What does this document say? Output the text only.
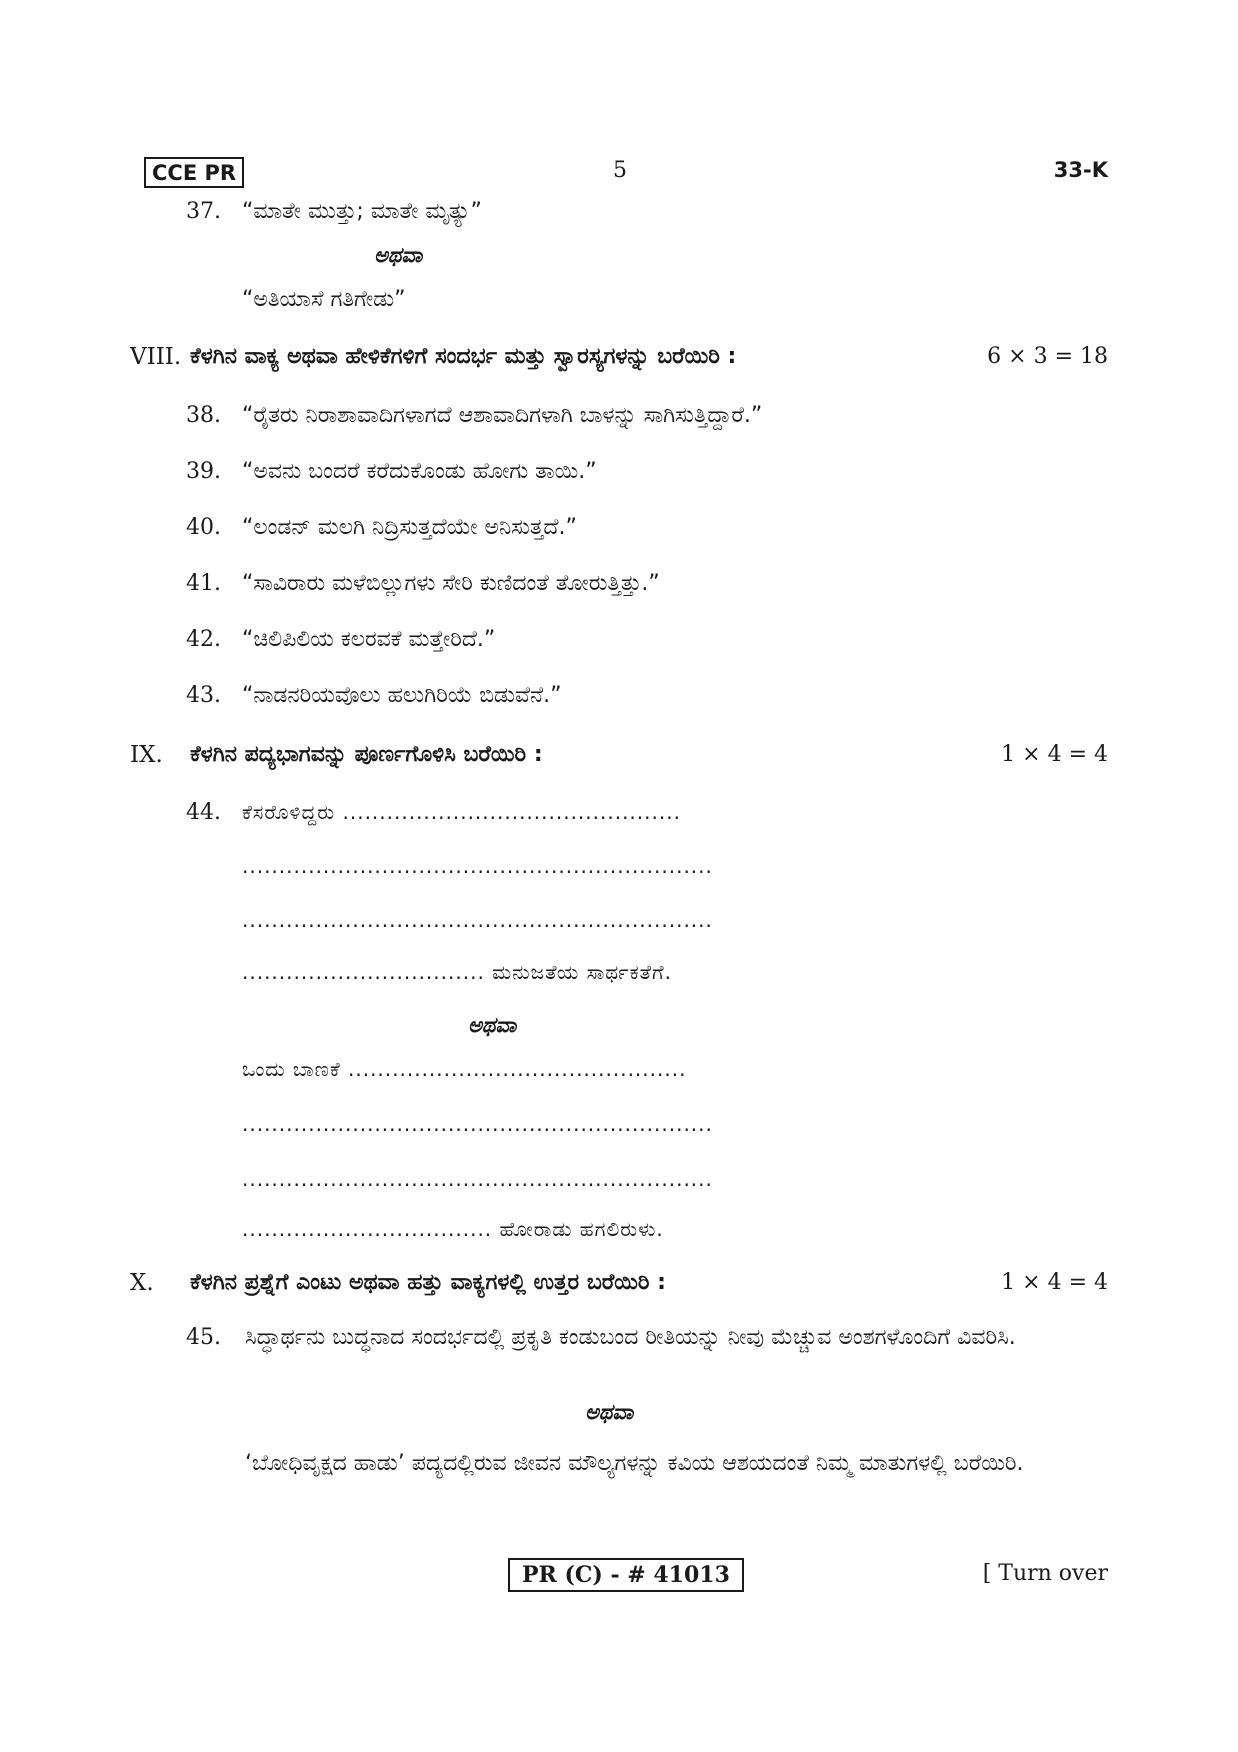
CCE PR	5	33-K
37. “ಮಾತೇ ಮುತ್ತು; ಮಾತೇ ಮೃತ್ಯು”
ಅಥವಾ
“ಅತಿಯಾಸೆ ಗತಿಗೇಡು”
VIII. ಕೆಳಗಿನ ವಾಕ್ಯ ಅಥವಾ ಹೇಳಿಕೆಗಳಿಗೆ ಸಂದರ್ಭ ಮತ್ತು ಸ್ವಾರಸ್ಯಗಳನ್ನು ಬರೆಯಿರಿ :	6 × 3 = 18
38. “ರೈತರು ನಿರಾಶಾವಾದಿಗಳಾಗದೆ ಆಶಾವಾದಿಗಳಾಗಿ ಬಾಳನ್ನು ಸಾಗಿಸುತ್ತಿದ್ದಾರೆ.”
39. “ಅವನು ಬಂದರೆ ಕರೆದುಕೊಂಡು ಹೋಗು ತಾಯಿ.”
40. “ಲಂಡನ್ ಮಲಗಿ ನಿದ್ರಿಸುತ್ತದೆಯೇ ಅನಿಸುತ್ತದೆ.”
41. “ಸಾವಿರಾರು ಮಳೆಬಿಲ್ಲುಗಳು ಸೇರಿ ಕುಣಿದಂತೆ ತೋರುತ್ತಿತ್ತು.”
42. “ಚಿಲಿಪಿಲಿಯ ಕಲರವಕೆ ಮತ್ತೇರಿದೆ.”
43. “ನಾಡನರಿಯವೊಲು ಹಲುಗಿರಿಯೆ ಬಿಡುವೆನೆ.”
IX. ಕೆಳಗಿನ ಪದ್ಯಭಾಗವನ್ನು ಪೂರ್ಣಗೊಳಿಸಿ ಬರೆಯಿರಿ :	1 × 4 = 4
44. ಕೆಸರೊಳಿದ್ದರು ..............................................
................................................................
................................................................
................................. ಮನುಜತೆಯ ಸಾರ್ಥಕತೆಗೆ.
ಅಥವಾ
ಒಂದು ಬಾಣಕೆ ..............................................
................................................................
................................................................
.................................. ಹೋರಾಡು ಹಗಲಿರುಳು.
X. ಕೆಳಗಿನ ಪ್ರಶ್ನೆಗೆ ಎಂಟು ಅಥವಾ ಹತ್ತು ವಾಕ್ಯಗಳಲ್ಲಿ ಉತ್ತರ ಬರೆಯಿರಿ :	1 × 4 = 4
45. ಸಿದ್ಧಾರ್ಥನು ಬುದ್ಧನಾದ ಸಂದರ್ಭದಲ್ಲಿ ಪ್ರಕೃತಿ ಕಂಡುಬಂದ ರೀತಿಯನ್ನು ನೀವು ಮೆಚ್ಚುವ ಅಂಶಗಳೊಂದಿಗೆ ವಿವರಿಸಿ.
ಅಥವಾ
‘ಬೋಧಿವೃಕ್ಷದ ಹಾಡು’ ಪದ್ಯದಲ್ಲಿರುವ ಜೀವನ ಮೌಲ್ಯಗಳನ್ನು ಕವಿಯ ಆಶಯದಂತೆ ನಿಮ್ಮ ಮಾತುಗಳಲ್ಲಿ ಬರೆಯಿರಿ.
PR (C) - # 41013	[ Turn over
